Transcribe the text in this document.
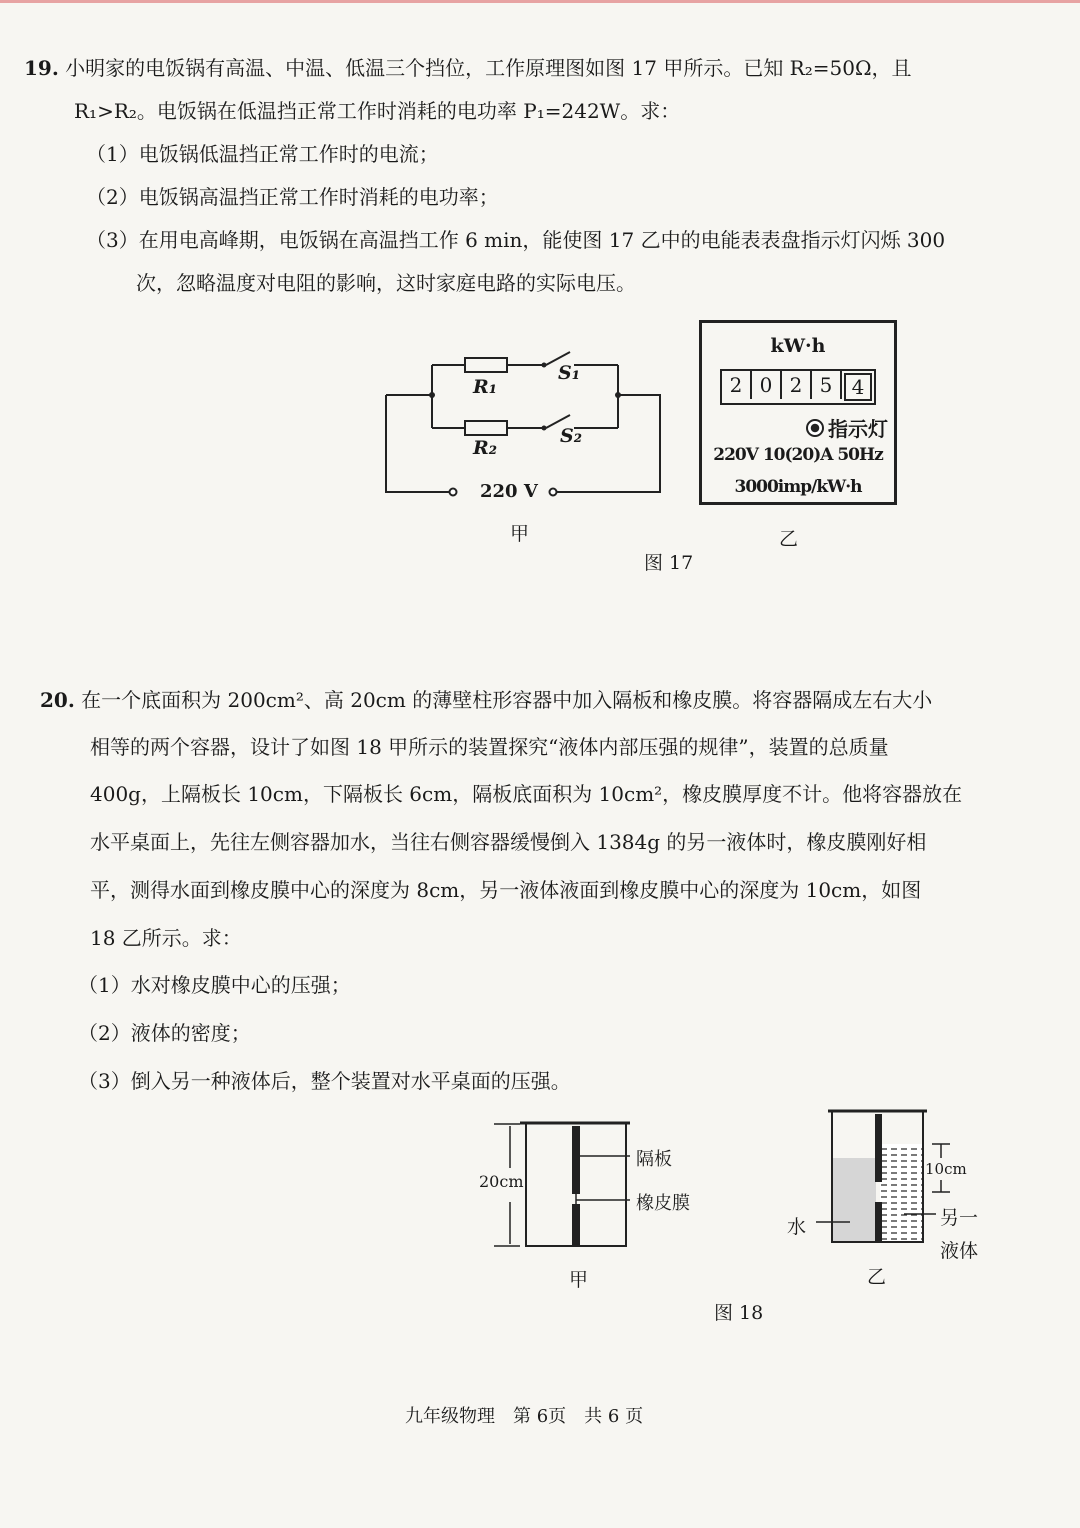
19. 小明家的电饭锅有高温、中温、低温三个挡位，工作原理图如图 17 甲所示。已知 R₂=50Ω，且
R₁>R₂。电饭锅在低温挡正常工作时消耗的电功率 P₁=242W。求：
（1）电饭锅低温挡正常工作时的电流；
（2）电饭锅高温挡正常工作时消耗的电功率；
（3）在用电高峰期，电饭锅在高温挡工作 6 min，能使图 17 乙中的电能表表盘指示灯闪烁 300
次，忽略温度对电阻的影响，这时家庭电路的实际电压。
R₁
R₂
S₁
S₂
220 V
甲
kW·h
2 0 2 5 4
指示灯
220V 10(20)A 50Hz
3000imp/kW·h
乙
图 17
20. 在一个底面积为 200cm²、高 20cm 的薄壁柱形容器中加入隔板和橡皮膜。将容器隔成左右大小
相等的两个容器，设计了如图 18 甲所示的装置探究“液体内部压强的规律”，装置的总质量
400g，上隔板长 10cm，下隔板长 6cm，隔板底面积为 10cm²，橡皮膜厚度不计。他将容器放在
水平桌面上，先往左侧容器加水，当往右侧容器缓慢倒入 1384g 的另一液体时，橡皮膜刚好相
平，测得水面到橡皮膜中心的深度为 8cm，另一液体液面到橡皮膜中心的深度为 10cm，如图
18 乙所示。求：
（1）水对橡皮膜中心的压强；
（2）液体的密度；
（3）倒入另一种液体后，整个装置对水平桌面的压强。
20cm
隔板
橡皮膜
甲
10cm
水	另一
液体
乙
图 18
九年级物理　第 6页　共 6 页
